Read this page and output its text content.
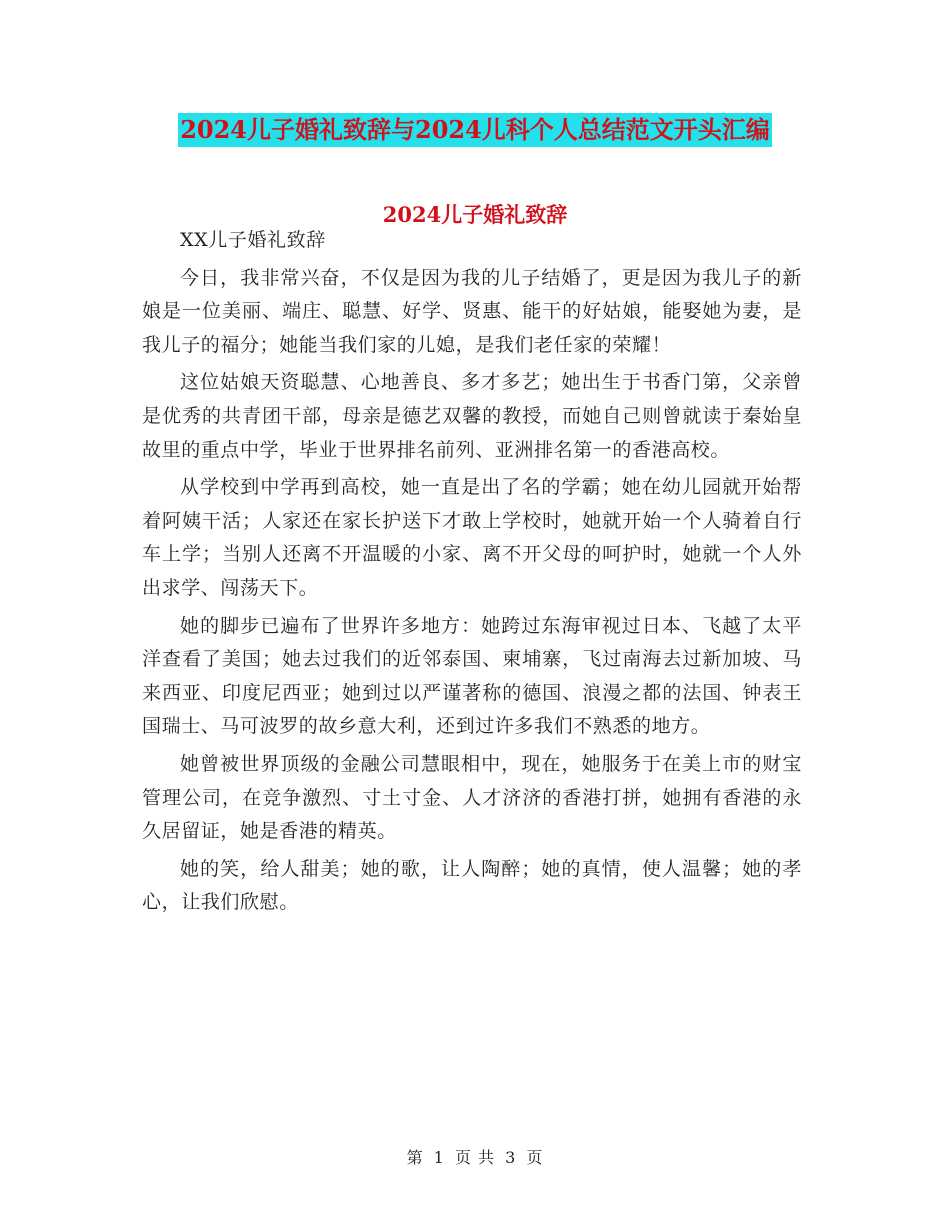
2024儿子婚礼致辞与2024儿科个人总结范文开头汇编
2024儿子婚礼致辞

XX儿子婚礼致辞

今日，我非常兴奋，不仅是因为我的儿子结婚了，更是因为我儿子的新娘是一位美丽、端庄、聪慧、好学、贤惠、能干的好姑娘，能娶她为妻，是我儿子的福分；她能当我们家的儿媳，是我们老任家的荣耀！

这位姑娘天资聪慧、心地善良、多才多艺；她出生于书香门第，父亲曾是优秀的共青团干部，母亲是德艺双馨的教授，而她自己则曾就读于秦始皇故里的重点中学，毕业于世界排名前列、亚洲排名第一的香港高校。

从学校到中学再到高校，她一直是出了名的学霸；她在幼儿园就开始帮着阿姨干活；人家还在家长护送下才敢上学校时，她就开始一个人骑着自行车上学；当别人还离不开温暖的小家、离不开父母的呵护时，她就一个人外出求学、闯荡天下。

她的脚步已遍布了世界许多地方：她跨过东海审视过日本、飞越了太平洋查看了美国；她去过我们的近邻泰国、柬埔寨，飞过南海去过新加坡、马来西亚、印度尼西亚；她到过以严谨著称的德国、浪漫之都的法国、钟表王国瑞士、马可波罗的故乡意大利，还到过许多我们不熟悉的地方。

她曾被世界顶级的金融公司慧眼相中，现在，她服务于在美上市的财宝管理公司，在竞争激烈、寸土寸金、人才济济的香港打拼，她拥有香港的永久居留证，她是香港的精英。

她的笑，给人甜美；她的歌，让人陶醉；她的真情，使人温馨；她的孝心，让我们欣慰。

第 1 页 共 3 页
